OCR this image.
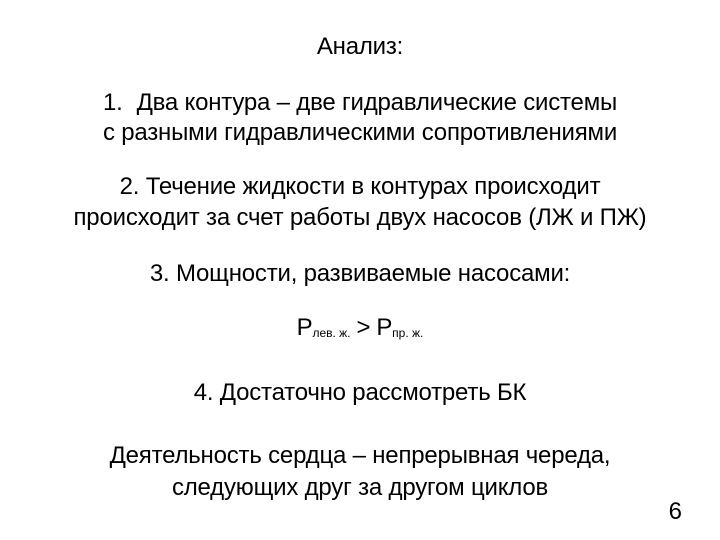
Анализ:
1. Два контура – две гидравлические системы
с разными гидравлическими сопротивлениями
2. Течение жидкости в контурах происходит
происходит за счет работы двух насосов (ЛЖ и ПЖ)
3. Мощности, развиваемые насосами:
Pлев. ж. > Pпр. ж.
4. Достаточно рассмотреть БК
Деятельность сердца – непрерывная череда,
следующих друг за другом циклов
6
